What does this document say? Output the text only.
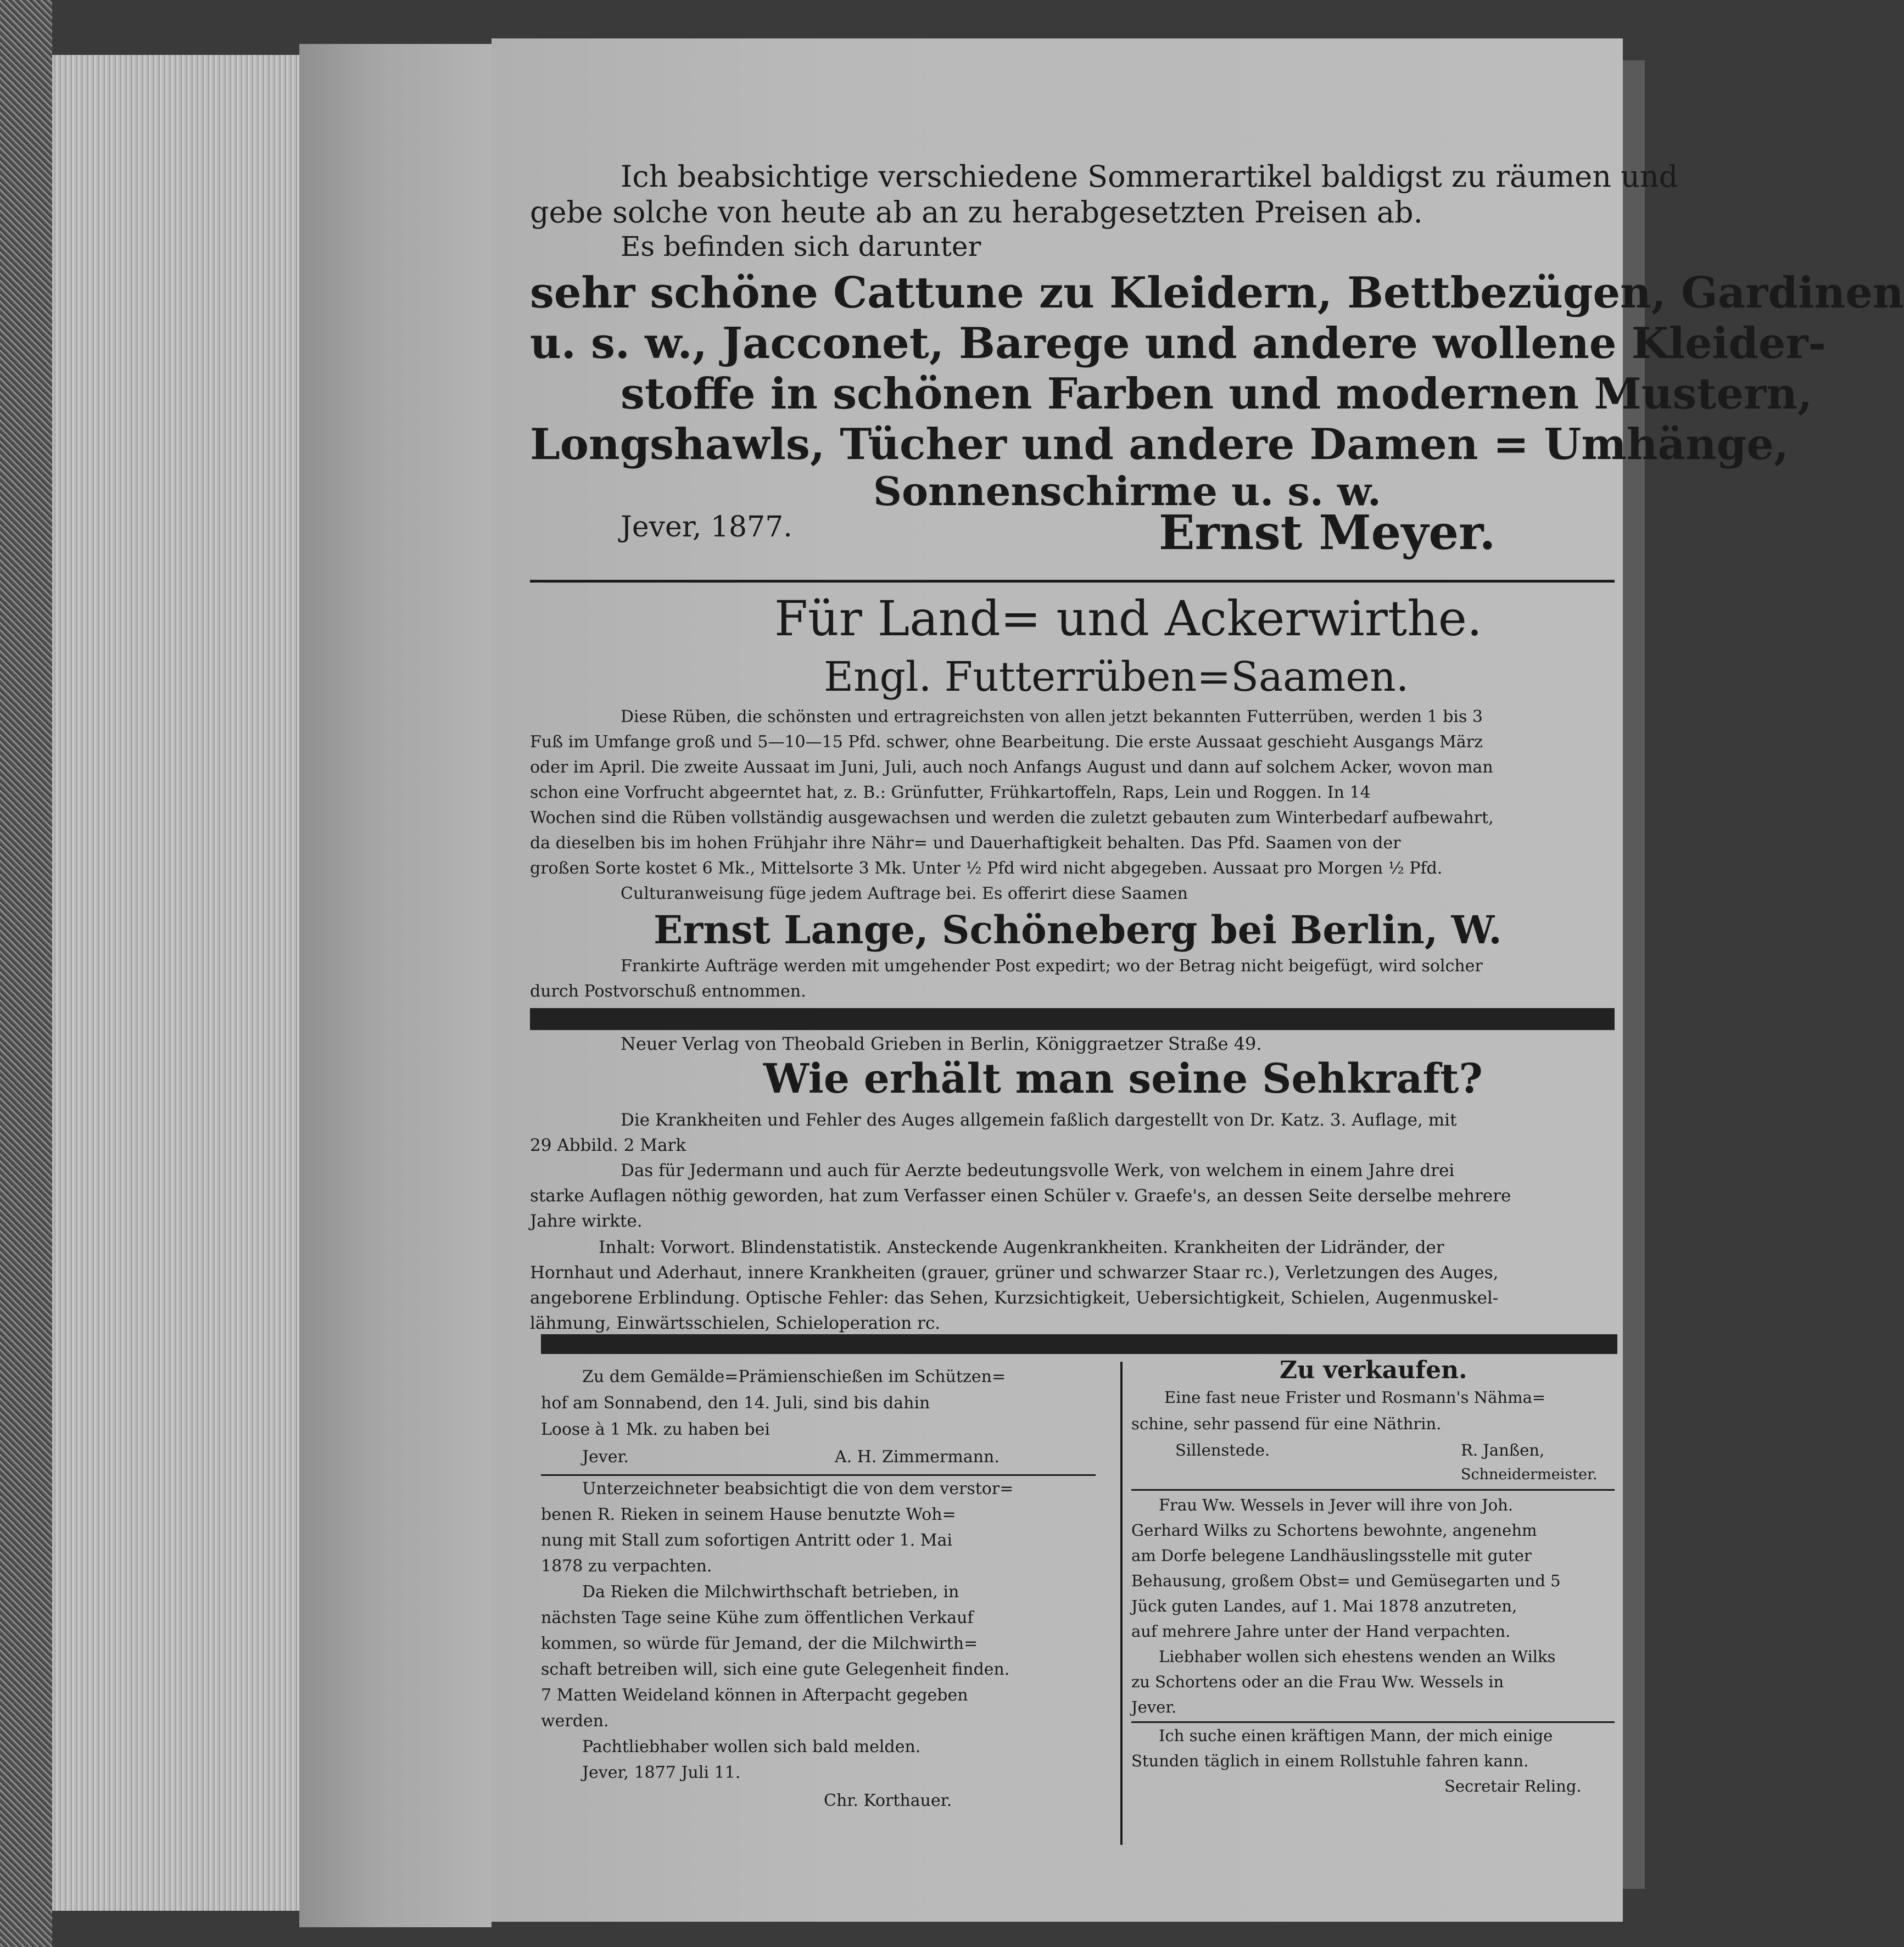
Ich beabsichtige verschiedene Sommerartikel baldigst zu räumen und
gebe solche von heute ab an zu herabgesetzten Preisen ab.
Es befinden sich darunter
sehr schöne Cattune zu Kleidern, Bettbezügen, Gardinen
u. s. w., Jacconet, Barege und andere wollene Kleider-
stoffe in schönen Farben und modernen Mustern,
Longshawls, Tücher und andere Damen = Umhänge,
Sonnenschirme u. s. w.
Jever, 1877.	Ernst Meyer.
Für Land= und Ackerwirthe.
Engl. Futterrüben=Saamen.
Diese Rüben, die schönsten und ertragreichsten von allen jetzt bekannten Futterrüben, werden 1 bis 3
Fuß im Umfange groß und 5—10—15 Pfd. schwer, ohne Bearbeitung. Die erste Aussaat geschieht Ausgangs März
oder im April. Die zweite Aussaat im Juni, Juli, auch noch Anfangs August und dann auf solchem Acker, wovon man
schon eine Vorfrucht abgeerntet hat, z. B.: Grünfutter, Frühkartoffeln, Raps, Lein und Roggen. In 14
Wochen sind die Rüben vollständig ausgewachsen und werden die zuletzt gebauten zum Winterbedarf aufbewahrt,
da dieselben bis im hohen Frühjahr ihre Nähr= und Dauerhaftigkeit behalten. Das Pfd. Saamen von der
großen Sorte kostet 6 Mk., Mittelsorte 3 Mk. Unter ½ Pfd wird nicht abgegeben. Aussaat pro Morgen ½ Pfd.
Culturanweisung füge jedem Auftrage bei. Es offerirt diese Saamen
Ernst Lange, Schöneberg bei Berlin, W.
Frankirte Aufträge werden mit umgehender Post expedirt; wo der Betrag nicht beigefügt, wird solcher
durch Postvorschuß entnommen.
Neuer Verlag von Theobald Grieben in Berlin, Königgraetzer Straße 49.
Wie erhält man seine Sehkraft?
Die Krankheiten und Fehler des Auges allgemein faßlich dargestellt von Dr. Katz. 3. Auflage, mit
29 Abbild. 2 Mark
Das für Jedermann und auch für Aerzte bedeutungsvolle Werk, von welchem in einem Jahre drei
starke Auflagen nöthig geworden, hat zum Verfasser einen Schüler v. Graefe's, an dessen Seite derselbe mehrere
Jahre wirkte.
Inhalt: Vorwort. Blindenstatistik. Ansteckende Augenkrankheiten. Krankheiten der Lidränder, der
Hornhaut und Aderhaut, innere Krankheiten (grauer, grüner und schwarzer Staar rc.), Verletzungen des Auges,
angeborene Erblindung. Optische Fehler: das Sehen, Kurzsichtigkeit, Uebersichtigkeit, Schielen, Augenmuskel-
lähmung, Einwärtsschielen, Schieloperation rc.
Zu dem Gemälde=Prämienschießen im Schützen=
hof am Sonnabend, den 14. Juli, sind bis dahin
Loose à 1 Mk. zu haben bei
Jever.	A. H. Zimmermann.
Unterzeichneter beabsichtigt die von dem verstor=
benen R. Rieken in seinem Hause benutzte Woh=
nung mit Stall zum sofortigen Antritt oder 1. Mai
1878 zu verpachten.
Da Rieken die Milchwirthschaft betrieben, in
nächsten Tage seine Kühe zum öffentlichen Verkauf
kommen, so würde für Jemand, der die Milchwirth=
schaft betreiben will, sich eine gute Gelegenheit finden.
7 Matten Weideland können in Afterpacht gegeben
werden.
Pachtliebhaber wollen sich bald melden.
Jever, 1877 Juli 11.
Chr. Korthauer.
Zu verkaufen.
Eine fast neue Frister und Rosmann's Nähma=
schine, sehr passend für eine Näthrin.
Sillenstede.	R. Janßen,
Schneidermeister.
Frau Ww. Wessels in Jever will ihre von Joh.
Gerhard Wilks zu Schortens bewohnte, angenehm
am Dorfe belegene Landhäuslingsstelle mit guter
Behausung, großem Obst= und Gemüsegarten und 5
Jück guten Landes, auf 1. Mai 1878 anzutreten,
auf mehrere Jahre unter der Hand verpachten.
Liebhaber wollen sich ehestens wenden an Wilks
zu Schortens oder an die Frau Ww. Wessels in
Jever.
Ich suche einen kräftigen Mann, der mich einige
Stunden täglich in einem Rollstuhle fahren kann.
Secretair Reling.
